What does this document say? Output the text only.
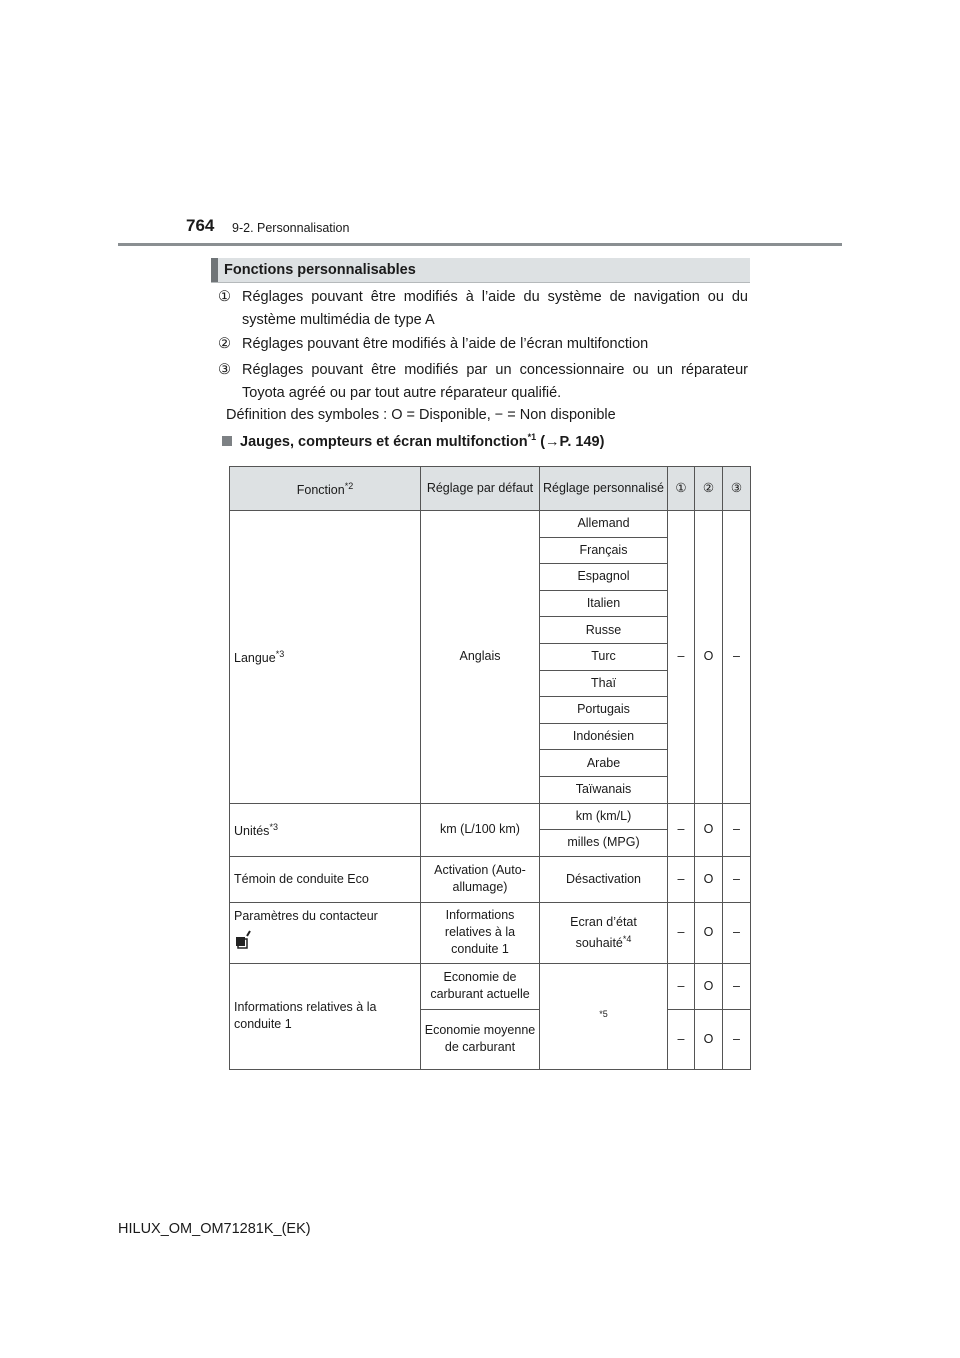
764 9-2. Personnalisation
Fonctions personnalisables
① Réglages pouvant être modifiés à l’aide du système de navigation ou du système multimédia de type A
② Réglages pouvant être modifiés à l’aide de l’écran multifonction
③ Réglages pouvant être modifiés par un concessionnaire ou un réparateur Toyota agréé ou par tout autre réparateur qualifié.
Définition des symboles : O = Disponible, − = Non disponible
Jauges, compteurs et écran multifonction$^{*1}$ (→P. 149)
Fonction$^{*2}$	Réglage par défaut	Réglage personnalisé	①	②	③
Langue$^{*3}$	Anglais	Allemand	–	O	–
		Français			
		Espagnol			
		Italien			
		Russe			
		Turc			
		Thaï			
		Portugais			
		Indonésien			
		Arabe			
		Taïwanais			
Unités$^{*3}$	km (L/100 km)	km (km/L)	–	O	–
		milles (MPG)			
Témoin de conduite Eco	Activation (Auto-allumage)	Désactivation	–	O	–

Paramètres du contacteur	Informations relatives à la conduite 1	Ecran d’état souhaité$^{*4}$	–	O	–
Informations relatives à la conduite 1	Economie de carburant actuelle	$^{*5}$	–	O	–
	Economie moyenne de carburant		–	O	–
HILUX_OM_OM71281K_(EK)
